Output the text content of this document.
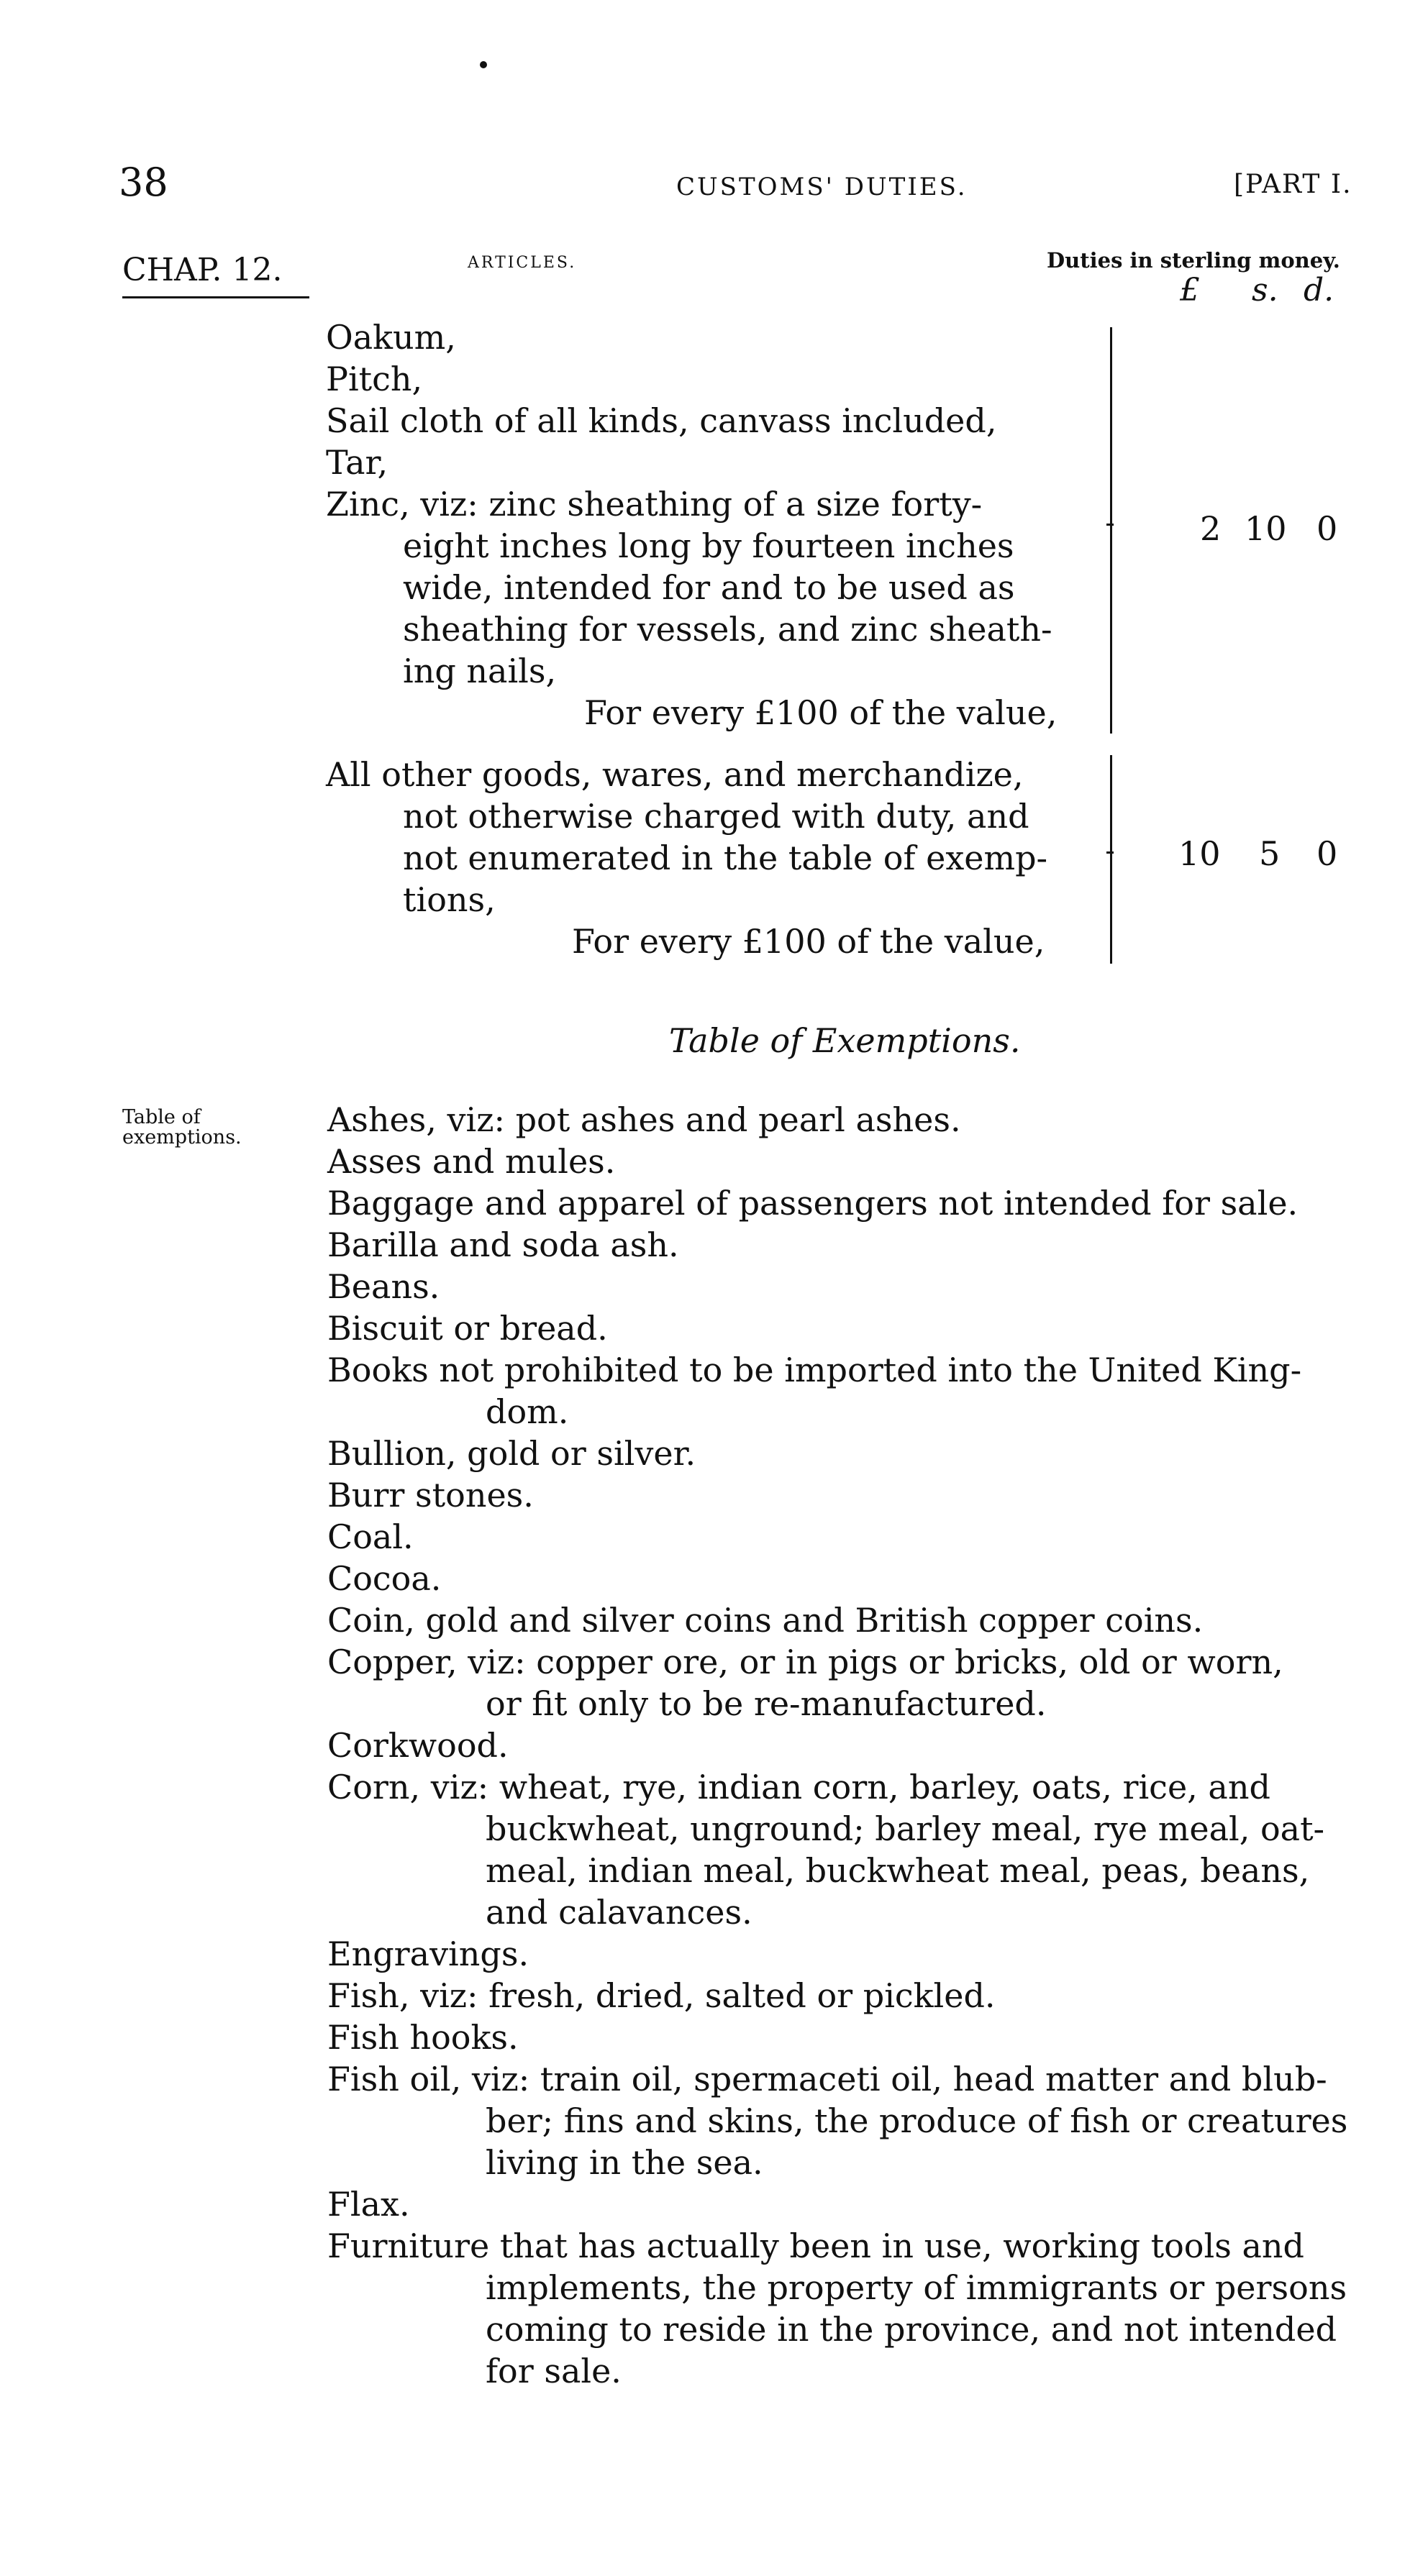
38	CUSTOMS' DUTIES.	[PART I.
CHAP. 12.	ARTICLES.	Duties in sterling money.
£ s. d.
Oakum,
Pitch,
Sail cloth of all kinds, canvass included,
Tar,
Zinc, viz: zinc sheathing of a size forty-
eight inches long by fourteen inches
wide, intended for and to be used as
sheathing for vessels, and zinc sheath-
ing nails,
For every £100 of the value,
2 10 0
All other goods, wares, and merchandize,
not otherwise charged with duty, and
not enumerated in the table of exemp-
tions,
For every £100 of the value,
10 5 0
Table of Exemptions.
Table of exemptions.	Ashes, viz: pot ashes and pearl ashes.
Asses and mules.
Baggage and apparel of passengers not intended for sale.
Barilla and soda ash.
Beans.
Biscuit or bread.
Books not prohibited to be imported into the United King-
dom.
Bullion, gold or silver.
Burr stones.
Coal.
Cocoa.
Coin, gold and silver coins and British copper coins.
Copper, viz: copper ore, or in pigs or bricks, old or worn,
or fit only to be re-manufactured.
Corkwood.
Corn, viz: wheat, rye, indian corn, barley, oats, rice, and
buckwheat, unground; barley meal, rye meal, oat-
meal, indian meal, buckwheat meal, peas, beans,
and calavances.
Engravings.
Fish, viz: fresh, dried, salted or pickled.
Fish hooks.
Fish oil, viz: train oil, spermaceti oil, head matter and blub-
ber; fins and skins, the produce of fish or creatures
living in the sea.
Flax.
Furniture that has actually been in use, working tools and
implements, the property of immigrants or persons
coming to reside in the province, and not intended
for sale.
